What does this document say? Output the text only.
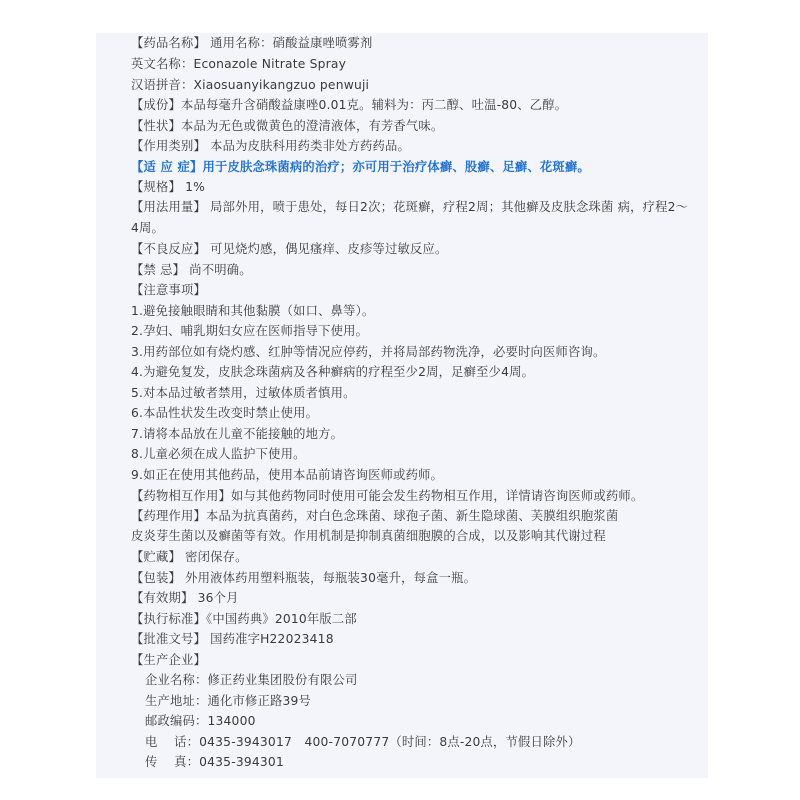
【药品名称】 通用名称：硝酸益康唑喷雾剂
英文名称：Econazole Nitrate Spray
汉语拼音：Xiaosuanyikangzuo penwuji
【成份】本品每毫升含硝酸益康唑0.01克。辅料为：丙二醇、吐温-80、乙醇。
【性状】本品为无色或微黄色的澄清液体，有芳香气味。
【作用类别】 本品为皮肤科用药类非处方药药品。
【适 应 症】用于皮肤念珠菌病的治疗；亦可用于治疗体癣、股癣、足癣、花斑癣。
【规格】 1%
【用法用量】 局部外用，喷于患处，每日2次；花斑癣，疗程2周；其他癣及皮肤念珠菌 病，疗程2～4周。
【不良反应】 可见烧灼感，偶见瘙痒、皮疹等过敏反应。
【禁 忌】 尚不明确。
【注意事项】
1.避免接触眼睛和其他黏膜（如口、鼻等）。
2.孕妇、哺乳期妇女应在医师指导下使用。
3.用药部位如有烧灼感、红肿等情况应停药，并将局部药物洗净，必要时向医师咨询。
4.为避免复发，皮肤念珠菌病及各种癣病的疗程至少2周，足癣至少4周。
5.对本品过敏者禁用，过敏体质者慎用。
6.本品性状发生改变时禁止使用。
7.请将本品放在儿童不能接触的地方。
8.儿童必须在成人监护下使用。
9.如正在使用其他药品，使用本品前请咨询医师或药师。
【药物相互作用】如与其他药物同时使用可能会发生药物相互作用，详情请咨询医师或药师。
【药理作用】本品为抗真菌药，对白色念珠菌、球孢子菌、新生隐球菌、芙膜组织胞浆菌
皮炎芽生菌以及癣菌等有效。作用机制是抑制真菌细胞膜的合成，以及影响其代谢过程
【贮藏】 密闭保存。
【包装】 外用液体药用塑料瓶装，每瓶装30毫升，每盒一瓶。
【有效期】 36个月
【执行标准】《中国药典》2010年版二部
【批准文号】 国药准字H22023418
【生产企业】
企业名称：修正药业集团股份有限公司
生产地址：通化市修正路39号
邮政编码：134000
电　 话：0435-3943017　400-7070777（时间：8点-20点，节假日除外）
传　 真：0435-394301
